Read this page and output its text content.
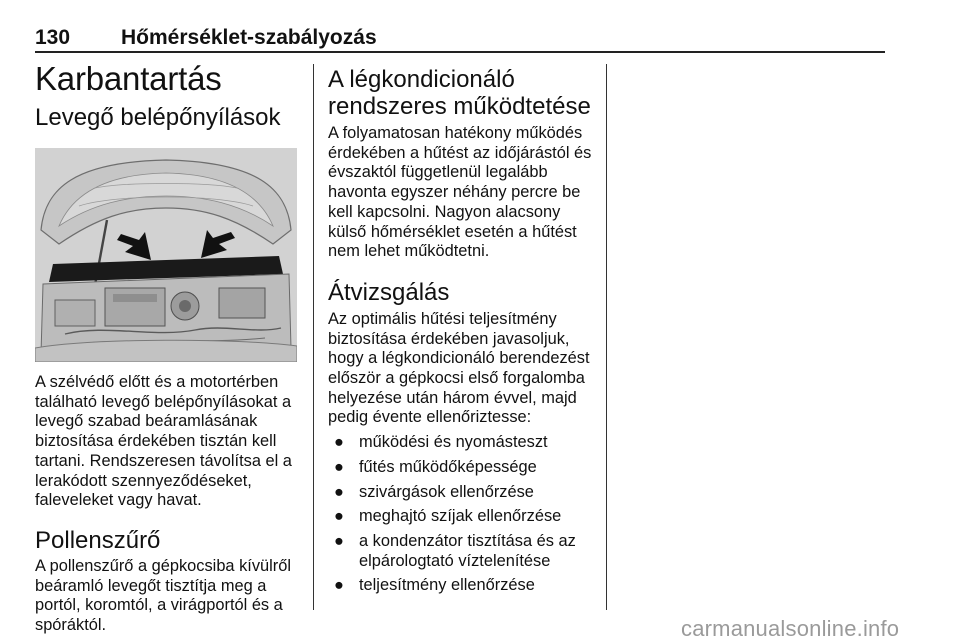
130 Hőmérséklet-szabályozás
Karbantartás
Levegő belépőnyílások
A szélvédő előtt és a motortérben
található levegő belépőnyílásokat a
levegő szabad beáramlásának
biztosítása érdekében tisztán kell
tartani. Rendszeresen távolítsa el a
lerakódott szennyeződéseket,
faleveleket vagy havat.
Pollenszűrő
A pollenszűrő a gépkocsiba kívülről
beáramló levegőt tisztítja meg a
portól, koromtól, a virágportól és a
spóráktól.
A légkondicionáló
rendszeres működtetése
A folyamatosan hatékony működés
érdekében a hűtést az időjárástól és
évszaktól függetlenül legalább
havonta egyszer néhány percre be
kell kapcsolni. Nagyon alacsony
külső hőmérséklet esetén a hűtést
nem lehet működtetni.
Átvizsgálás
Az optimális hűtési teljesítmény
biztosítása érdekében javasoljuk,
hogy a légkondicionáló berendezést
először a gépkocsi első forgalomba
helyezése után három évvel, majd
pedig évente ellenőriztesse:
● működési és nyomásteszt
● fűtés működőképessége
● szivárgások ellenőrzése
● meghajtó szíjak ellenőrzése
● a kondenzátor tisztítása és az
elpárologtató víztelenítése
● teljesítmény ellenőrzése
carmanualsonline.info
